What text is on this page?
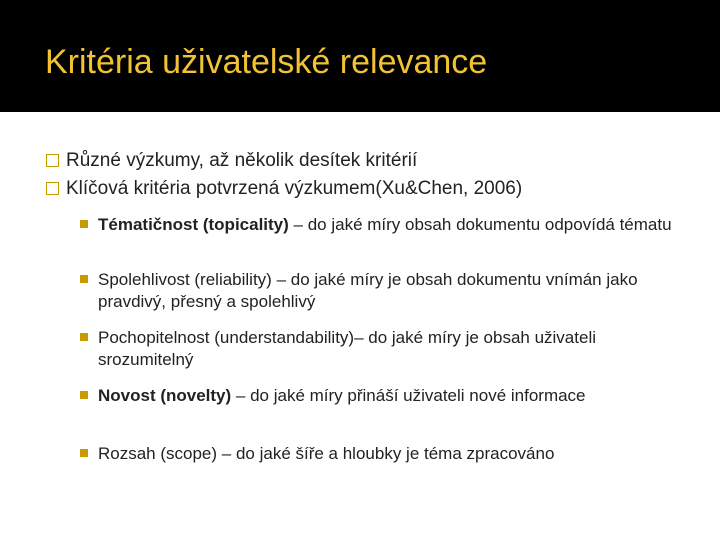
Kritéria uživatelské relevance
Různé výzkumy, až několik desítek kritérií
Klíčová kritéria potvrzená výzkumem(Xu&Chen, 2006)
Tématičnost (topicality) – do jaké míry obsah dokumentu odpovídá tématu
Spolehlivost (reliability) – do jaké míry je obsah dokumentu vnímán jako pravdivý, přesný a spolehlivý
Pochopitelnost (understandability)– do jaké míry je obsah uživateli srozumitelný
Novost (novelty) – do jaké míry přináší uživateli nové informace
Rozsah (scope) – do jaké šíře a hloubky je téma zpracováno
